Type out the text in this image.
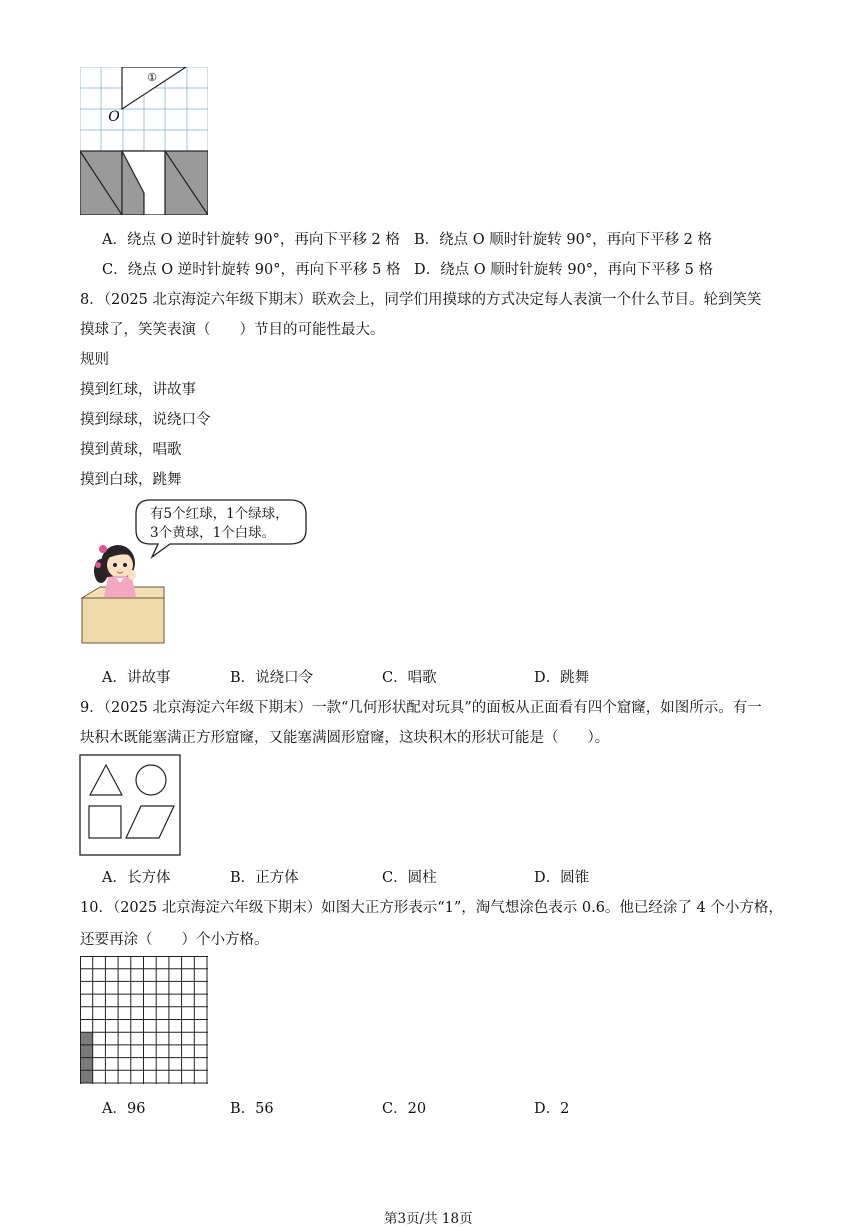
①
O
A．绕点 O 逆时针旋转 90°，再向下平移 2 格 B．绕点 O 顺时针旋转 90°，再向下平移 2 格
C．绕点 O 逆时针旋转 90°，再向下平移 5 格 D．绕点 O 顺时针旋转 90°，再向下平移 5 格
8．（2025 北京海淀六年级下期末）联欢会上，同学们用摸球的方式决定每人表演一个什么节目。轮到笑笑
摸球了，笑笑表演（　　）节目的可能性最大。
规则
摸到红球，讲故事
摸到绿球，说绕口令
摸到黄球，唱歌
摸到白球，跳舞
有5个红球，1个绿球，
3个黄球，1个白球。
A．讲故事	B．说绕口令	C．唱歌	D．跳舞
9．（2025 北京海淀六年级下期末）一款“几何形状配对玩具”的面板从正面看有四个窟窿，如图所示。有一
块积木既能塞满正方形窟窿，又能塞满圆形窟窿，这块积木的形状可能是（　　）。
A．长方体	B．正方体	C．圆柱	D．圆锥
10．（2025 北京海淀六年级下期末）如图大正方形表示“1”，淘气想涂色表示 0.6。他已经涂了 4 个小方格，
还要再涂（　　）个小方格。
A．96	B．56	C．20	D．2
第3页/共 18页
